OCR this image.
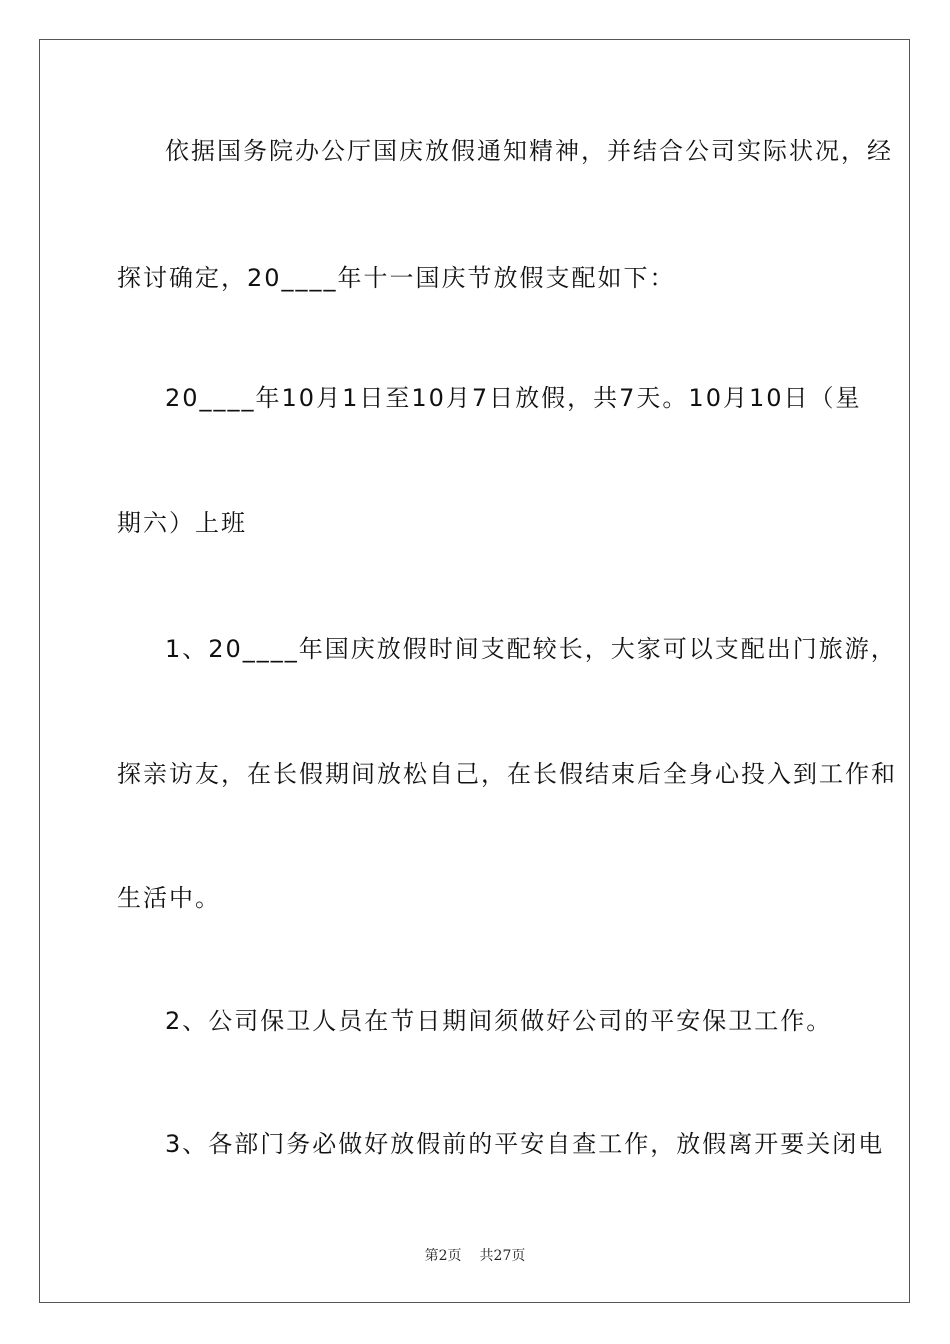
依据国务院办公厅国庆放假通知精神，并结合公司实际状况，经
探讨确定，20____年十一国庆节放假支配如下：
20____年10月1日至10月7日放假，共7天。10月10日（星
期六）上班
1、20____年国庆放假时间支配较长，大家可以支配出门旅游，
探亲访友，在长假期间放松自己，在长假结束后全身心投入到工作和
生活中。
2、公司保卫人员在节日期间须做好公司的平安保卫工作。
3、各部门务必做好放假前的平安自查工作，放假离开要关闭电
第2页 共27页
